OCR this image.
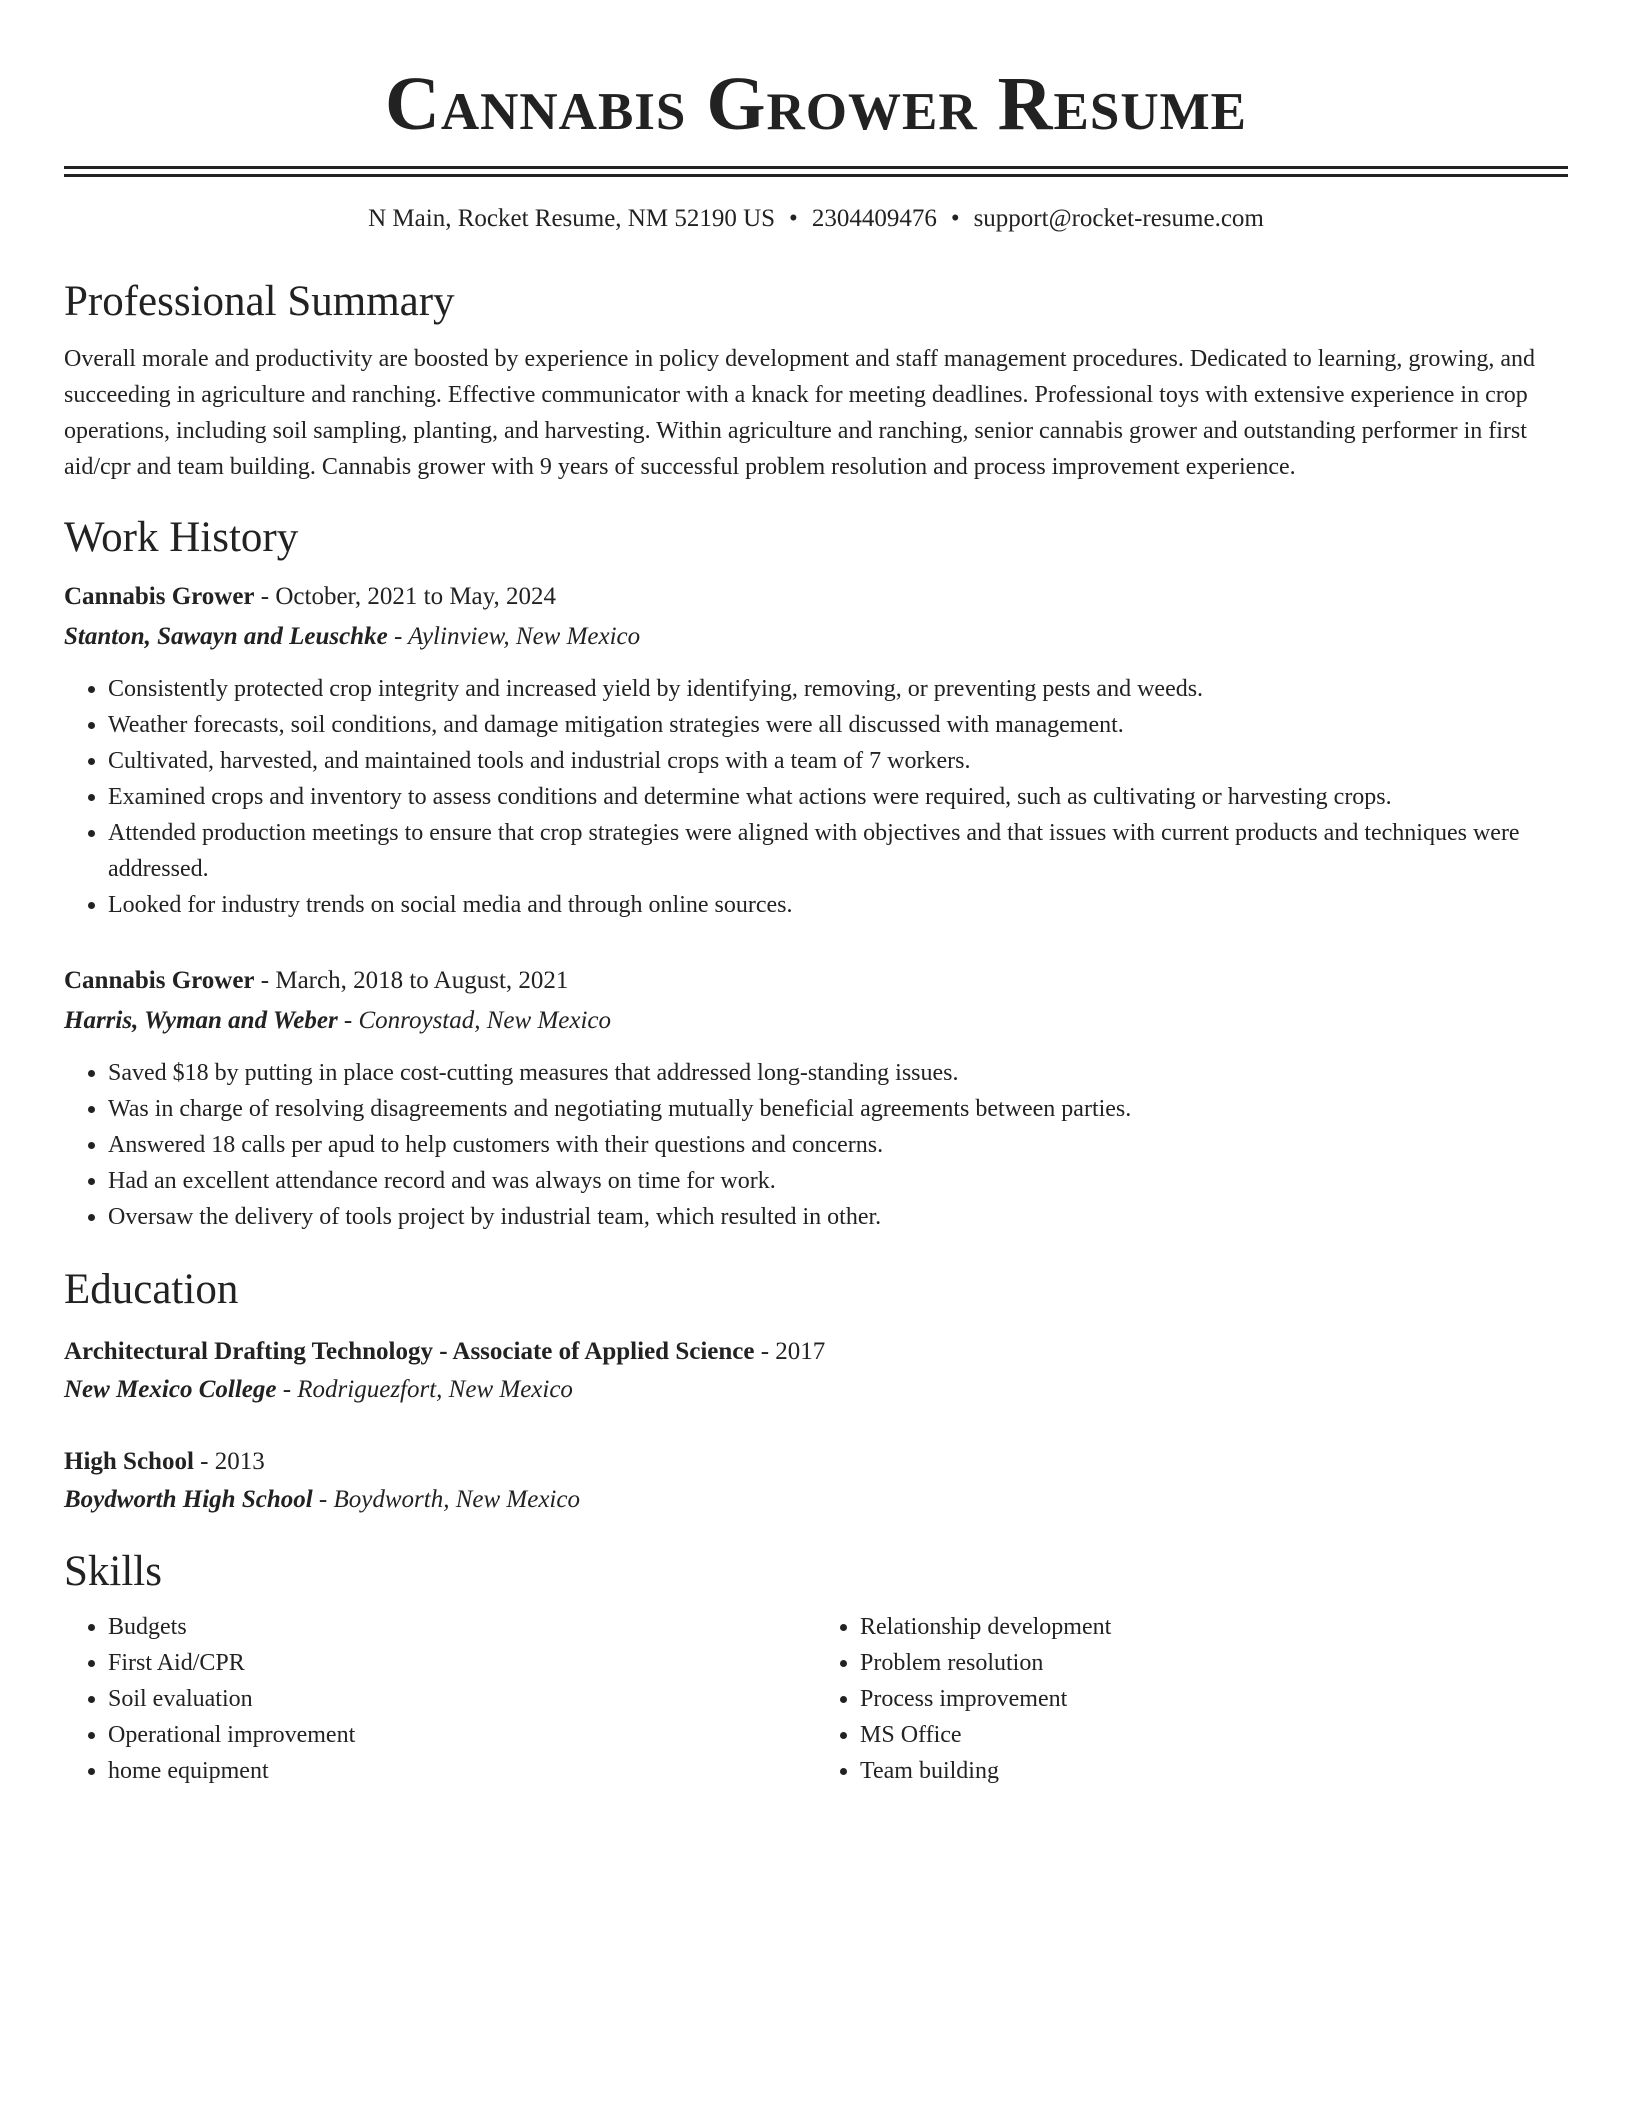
Cannabis Grower Resume
N Main, Rocket Resume, NM 52190 US • 2304409476 • support@rocket-resume.com
Professional Summary

Overall morale and productivity are boosted by experience in policy development and staff management procedures. Dedicated to learning, growing, and succeeding in agriculture and ranching. Effective communicator with a knack for meeting deadlines. Professional toys with extensive experience in crop operations, including soil sampling, planting, and harvesting. Within agriculture and ranching, senior cannabis grower and outstanding performer in first aid/cpr and team building. Cannabis grower with 9 years of successful problem resolution and process improvement experience.

Work History
Cannabis Grower - October, 2021 to May, 2024
Stanton, Sawayn and Leuschke - Aylinview, New Mexico
• Consistently protected crop integrity and increased yield by identifying, removing, or preventing pests and weeds.
• Weather forecasts, soil conditions, and damage mitigation strategies were all discussed with management.
• Cultivated, harvested, and maintained tools and industrial crops with a team of 7 workers.
• Examined crops and inventory to assess conditions and determine what actions were required, such as cultivating or harvesting crops.
• Attended production meetings to ensure that crop strategies were aligned with objectives and that issues with current products and techniques were addressed.
• Looked for industry trends on social media and through online sources.
Cannabis Grower - March, 2018 to August, 2021
Harris, Wyman and Weber - Conroystad, New Mexico
• Saved $18 by putting in place cost-cutting measures that addressed long-standing issues.
• Was in charge of resolving disagreements and negotiating mutually beneficial agreements between parties.
• Answered 18 calls per apud to help customers with their questions and concerns.
• Had an excellent attendance record and was always on time for work.
• Oversaw the delivery of tools project by industrial team, which resulted in other.
Education
Architectural Drafting Technology - Associate of Applied Science - 2017
New Mexico College - Rodriguezfort, New Mexico
High School - 2013
Boydworth High School - Boydworth, New Mexico
Skills
• Budgets
• First Aid/CPR
• Soil evaluation
• Operational improvement
• home equipment
• Relationship development
• Problem resolution
• Process improvement
• MS Office
• Team building
